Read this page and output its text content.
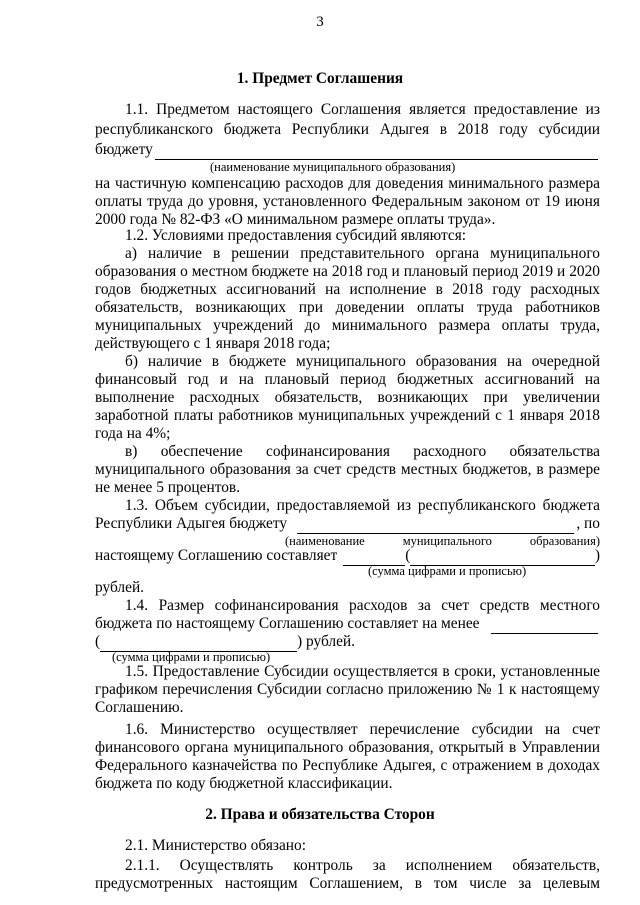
3
1. Предмет Соглашения
1.1. Предметом настоящего Соглашения является предоставление из
республиканского бюджета Республики Адыгея в 2018 году субсидии
бюджету
(наименование муниципального образования)
на частичную компенсацию расходов для доведения минимального размера
оплаты труда до уровня, установленного Федеральным законом от 19 июня
2000 года № 82-ФЗ «О минимальном размере оплаты труда».
1.2. Условиями предоставления субсидий являются:
а) наличие в решении представительного органа муниципального
образования о местном бюджете на 2018 год и плановый период 2019 и 2020
годов бюджетных ассигнований на исполнение в 2018 году расходных
обязательств, возникающих при доведении оплаты труда работников
муниципальных учреждений до минимального размера оплаты труда,
б) наличие в бюджете муниципального образования на очередной
финансовый год и на плановый период бюджетных ассигнований на
выполнение расходных обязательств, возникающих при увеличении
заработной платы работников муниципальных учреждений с 1 января 2018
года на 4%;
в) обеспечение софинансирования расходного обязательства
муниципального образования за счет средств местных бюджетов, в размере
не менее 5 процентов.
1.3. Объем субсидии, предоставляемой из республиканского бюджета
Республики Адыгея бюджету	, по
(наименование муниципального образования)
настоящему Соглашению составляет	(	)
(сумма цифрами и прописью)
рублей.
1.4. Размер софинансирования расходов за счет средств местного
бюджета по настоящему Соглашению составляет на менее
(	) рублей.
(сумма цифрами и прописью)
1.5. Предоставление Субсидии осуществляется в сроки, установленные
графиком перечисления Субсидии согласно приложению № 1 к настоящему
Соглашению.
1.6. Министерство осуществляет перечисление субсидии на счет
финансового органа муниципального образования, открытый в Управлении
Федерального казначейства по Республике Адыгея, с отражением в доходах
бюджета по коду бюджетной классификации.
действующего с 1 января 2018 года;
2. Права и обязательства Сторон
2.1. Министерство обязано:
2.1.1. Осуществлять контроль за исполнением обязательств,
предусмотренных настоящим Соглашением, в том числе за целевым
